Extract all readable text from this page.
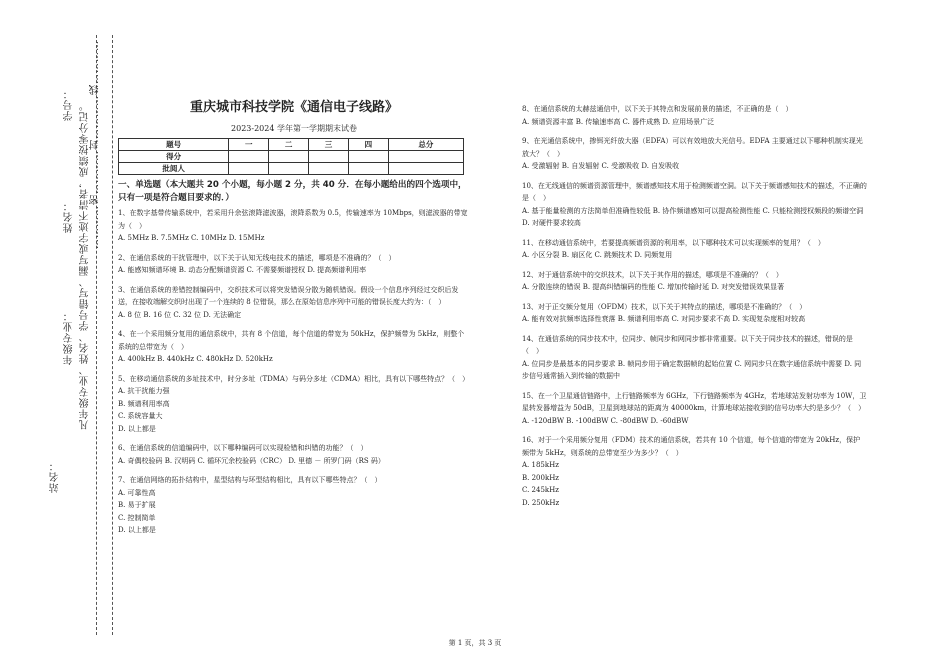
…………密…………封…………线…………
凡年级专业、姓名、学号错写、漏写或字迹不清者，成绩按零分记。
学号：
姓名：
年级专业：
站名：
重庆城市科技学院《通信电子线路》
2023-2024 学年第一学期期末试卷
题号	一	二	三	四	总分
得分					
批阅人					
一、单选题（本大题共 20 个小题，每小题 2 分，共 40 分．在每小题给出的四个选项中，只有一项是符合题目要求的．）
1、在数字基带传输系统中，若采用升余弦滚降滤波器，滚降系数为 0.5，传输速率为 10Mbps，则滤波器的带宽为（　）
A. 5MHz B. 7.5MHz C. 10MHz D. 15MHz
2、在通信系统的干扰管理中，以下关于认知无线电技术的描述，哪项是不准确的？（　）
A. 能感知频谱环境 B. 动态分配频谱资源 C. 不需要频谱授权 D. 提高频谱利用率
3、在通信系统的差错控制编码中，交织技术可以将突发错误分散为随机错误。假设一个信息序列经过交织后发送，在接收端解交织时出现了一个连续的 8 位错误，那么在原始信息序列中可能的错误长度大约为：（　）
A. 8 位 B. 16 位 C. 32 位 D. 无法确定
4、在一个采用频分复用的通信系统中，共有 8 个信道，每个信道的带宽为 50kHz，保护频带为 5kHz，则整个系统的总带宽为（　）
A. 400kHz B. 440kHz C. 480kHz D. 520kHz
5、在移动通信系统的多址技术中，时分多址（TDMA）与码分多址（CDMA）相比，具有以下哪些特点？（　）
A. 抗干扰能力强
B. 频谱利用率高
C. 系统容量大
D. 以上都是
6、在通信系统的信道编码中，以下哪种编码可以实现检错和纠错的功能？（　）
A. 奇偶校验码 B. 汉明码 C. 循环冗余校验码（CRC） D. 里德 － 所罗门码（RS 码）
7、在通信网络的拓扑结构中，星型结构与环型结构相比，具有以下哪些特点？（　）
A. 可靠性高
B. 易于扩展
C. 控制简单
D. 以上都是
8、在通信系统的太赫兹通信中，以下关于其特点和发展前景的描述，不正确的是（　）
A. 频谱资源丰富 B. 传输速率高 C. 器件成熟 D. 应用场景广泛
9、在光通信系统中，掺铒光纤放大器（EDFA）可以有效地放大光信号。EDFA 主要通过以下哪种机制实现光放大？（　）
A. 受激辐射 B. 自发辐射 C. 受激吸收 D. 自发吸收
10、在无线通信的频谱资源管理中，频谱感知技术用于检测频谱空洞。以下关于频谱感知技术的描述，不正确的是（　）
A. 基于能量检测的方法简单但准确性较低 B. 协作频谱感知可以提高检测性能 C. 只能检测授权频段的频谱空洞 D. 对硬件要求较高
11、在移动通信系统中，若要提高频谱资源的利用率，以下哪种技术可以实现频率的复用？（　）
A. 小区分裂 B. 扇区化 C. 跳频技术 D. 同频复用
12、对于通信系统中的交织技术，以下关于其作用的描述，哪项是不准确的？（　）
A. 分散连续的错误 B. 提高纠错编码的性能 C. 增加传输时延 D. 对突发错误效果显著
13、对于正交频分复用（OFDM）技术，以下关于其特点的描述，哪项是不准确的？（　）
A. 能有效对抗频率选择性衰落 B. 频谱利用率高 C. 对同步要求不高 D. 实现复杂度相对较高
14、在通信系统的同步技术中，位同步、帧同步和网同步都非常重要。以下关于同步技术的描述，错误的是（　）
A. 位同步是最基本的同步要求 B. 帧同步用于确定数据帧的起始位置 C. 网同步只在数字通信系统中需要 D. 同步信号通常插入到传输的数据中
15、在一个卫星通信链路中，上行链路频率为 6GHz，下行链路频率为 4GHz，若地球站发射功率为 10W，卫星转发器增益为 50dB，卫星到地球站的距离为 40000km，计算地球站接收到的信号功率大约是多少？（　）
A. -120dBW B. -100dBW C. -80dBW D. -60dBW
16、对于一个采用频分复用（FDM）技术的通信系统，若共有 10 个信道，每个信道的带宽为 20kHz，保护频带为 5kHz，则系统的总带宽至少为多少？（　）
A. 185kHz
B. 200kHz
C. 245kHz
D. 250kHz
第 1 页，共 3 页
